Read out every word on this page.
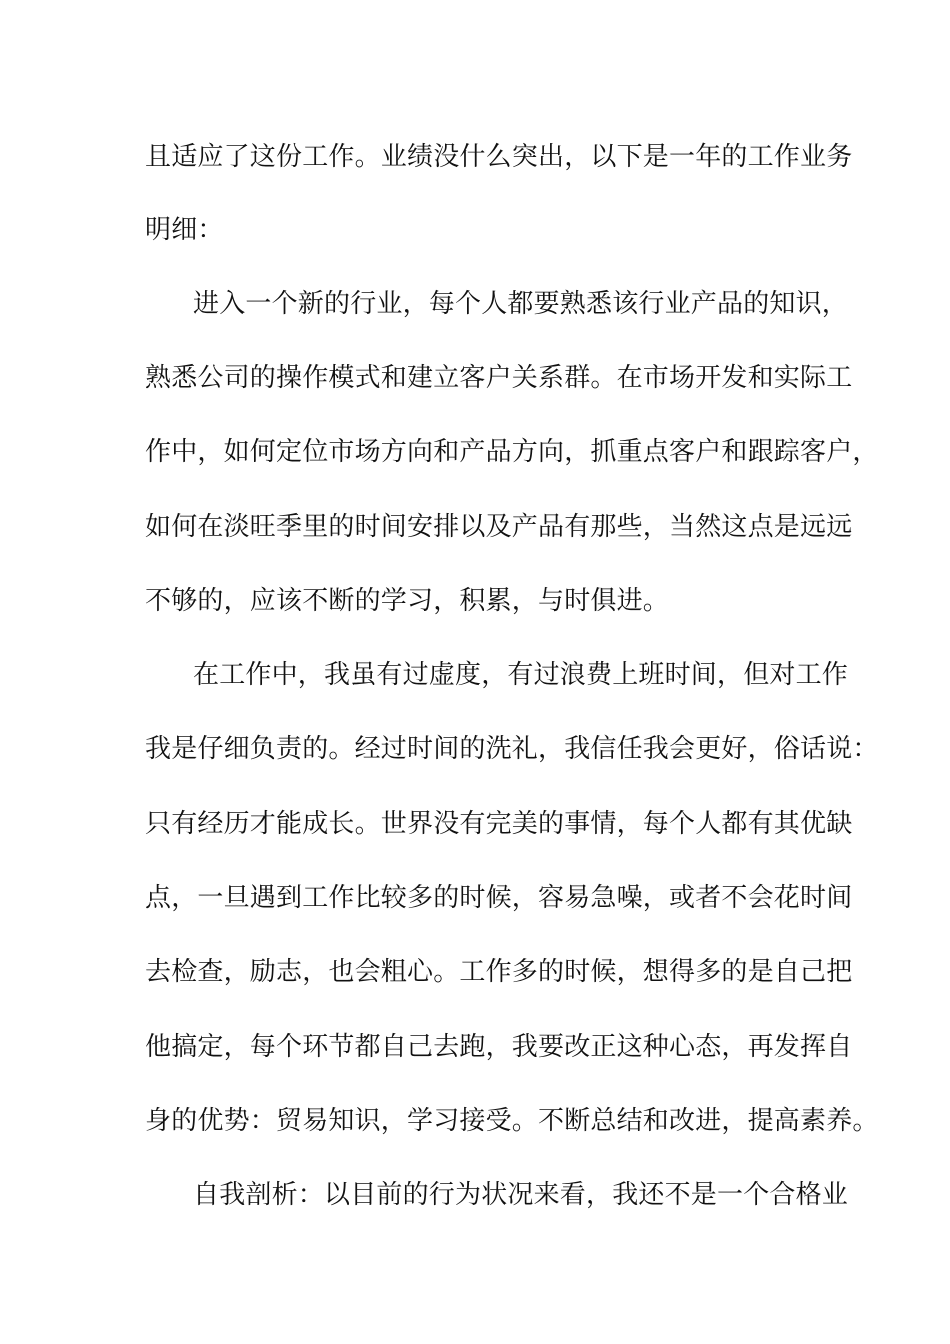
且适应了这份工作。业绩没什么突出，以下是一年的工作业务
明细：
进入一个新的行业，每个人都要熟悉该行业产品的知识，
熟悉公司的操作模式和建立客户关系群。在市场开发和实际工
作中，如何定位市场方向和产品方向，抓重点客户和跟踪客户，
如何在淡旺季里的时间安排以及产品有那些，当然这点是远远
不够的，应该不断的学习，积累，与时俱进。
在工作中，我虽有过虚度，有过浪费上班时间，但对工作
我是仔细负责的。经过时间的洗礼，我信任我会更好，俗话说：
只有经历才能成长。世界没有完美的事情，每个人都有其优缺
点，一旦遇到工作比较多的时候，容易急噪，或者不会花时间
去检查，励志，也会粗心。工作多的时候，想得多的是自己把
他搞定，每个环节都自己去跑，我要改正这种心态，再发挥自
身的优势：贸易知识，学习接受。不断总结和改进，提高素养。
自我剖析：以目前的行为状况来看，我还不是一个合格业
